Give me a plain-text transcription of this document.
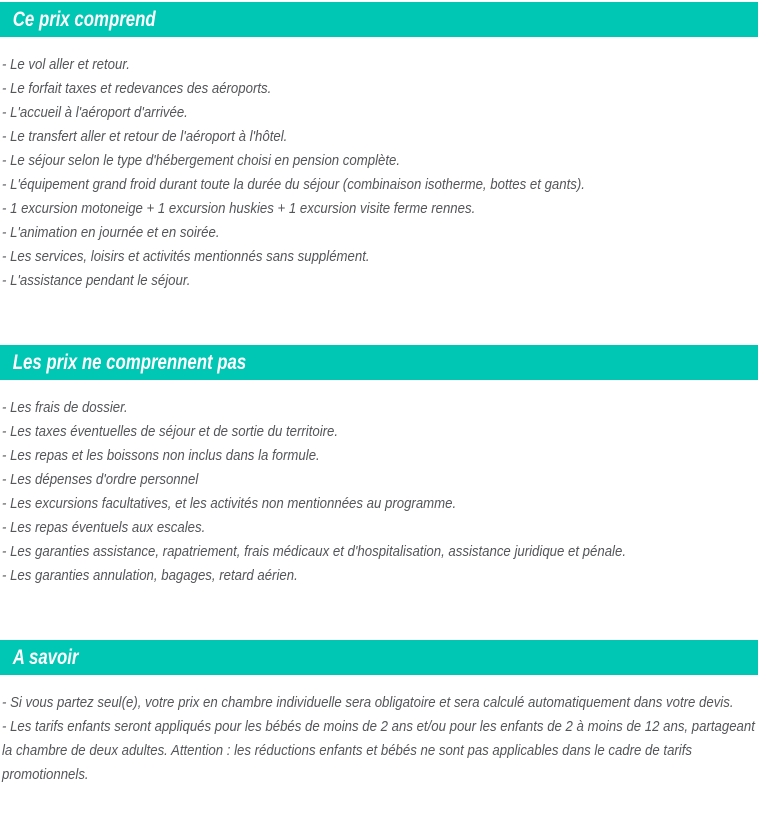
Ce prix comprend

- Le vol aller et retour.

- Le forfait taxes et redevances des aéroports.

- L'accueil à l'aéroport d'arrivée.

- Le transfert aller et retour de l'aéroport à l'hôtel.

- Le séjour selon le type d'hébergement choisi en pension complète.

- L'équipement grand froid durant toute la durée du séjour (combinaison isotherme, bottes et gants).

- 1 excursion motoneige + 1 excursion huskies + 1 excursion visite ferme rennes.

- L'animation en journée et en soirée.

- Les services, loisirs et activités mentionnés sans supplément.

- L'assistance pendant le séjour.

Les prix ne comprennent pas

- Les frais de dossier.

- Les taxes éventuelles de séjour et de sortie du territoire.

- Les repas et les boissons non inclus dans la formule.

- Les dépenses d'ordre personnel

- Les excursions facultatives, et les activités non mentionnées au programme.

- Les repas éventuels aux escales.

- Les garanties assistance, rapatriement, frais médicaux et d'hospitalisation, assistance juridique et pénale.

- Les garanties annulation, bagages, retard aérien.

A savoir

- Si vous partez seul(e), votre prix en chambre individuelle sera obligatoire et sera calculé automatiquement dans votre devis.

- Les tarifs enfants seront appliqués pour les bébés de moins de 2 ans et/ou pour les enfants de 2 à moins de 12 ans, partageant la chambre de deux adultes. Attention : les réductions enfants et bébés ne sont pas applicables dans le cadre de tarifs promotionnels.
